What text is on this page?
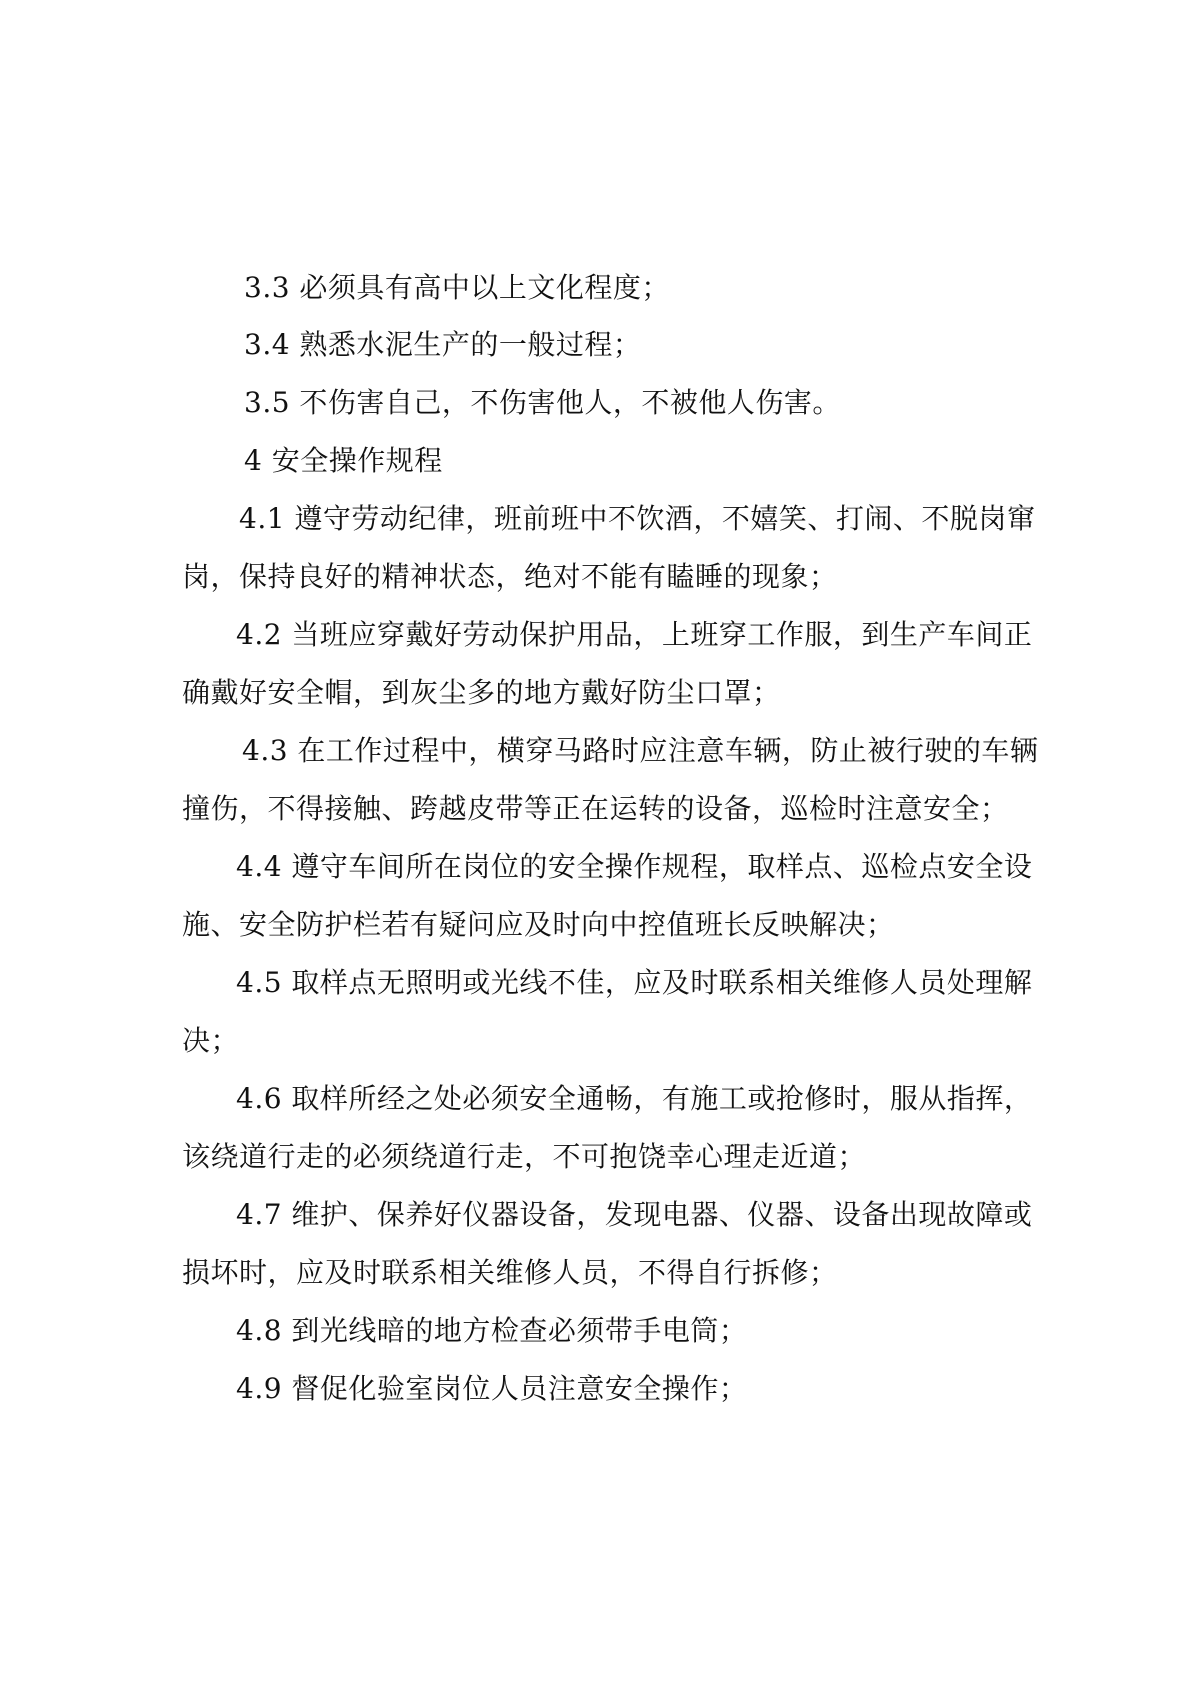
3.3 必须具有高中以上文化程度；
3.4 熟悉水泥生产的一般过程；
3.5 不伤害自己，不伤害他人，不被他人伤害。
4 安全操作规程
4.1 遵守劳动纪律，班前班中不饮酒，不嬉笑、打闹、不脱岗窜
岗，保持良好的精神状态，绝对不能有瞌睡的现象；
4.2 当班应穿戴好劳动保护用品，上班穿工作服，到生产车间正
确戴好安全帽，到灰尘多的地方戴好防尘口罩；
4.3 在工作过程中，横穿马路时应注意车辆，防止被行驶的车辆
撞伤，不得接触、跨越皮带等正在运转的设备，巡检时注意安全；
4.4 遵守车间所在岗位的安全操作规程，取样点、巡检点安全设
施、安全防护栏若有疑问应及时向中控值班长反映解决；
4.5 取样点无照明或光线不佳，应及时联系相关维修人员处理解
决；
4.6 取样所经之处必须安全通畅，有施工或抢修时，服从指挥，
该绕道行走的必须绕道行走，不可抱饶幸心理走近道；
4.7 维护、保养好仪器设备，发现电器、仪器、设备出现故障或
损坏时，应及时联系相关维修人员，不得自行拆修；
4.8 到光线暗的地方检查必须带手电筒；
4.9 督促化验室岗位人员注意安全操作；
